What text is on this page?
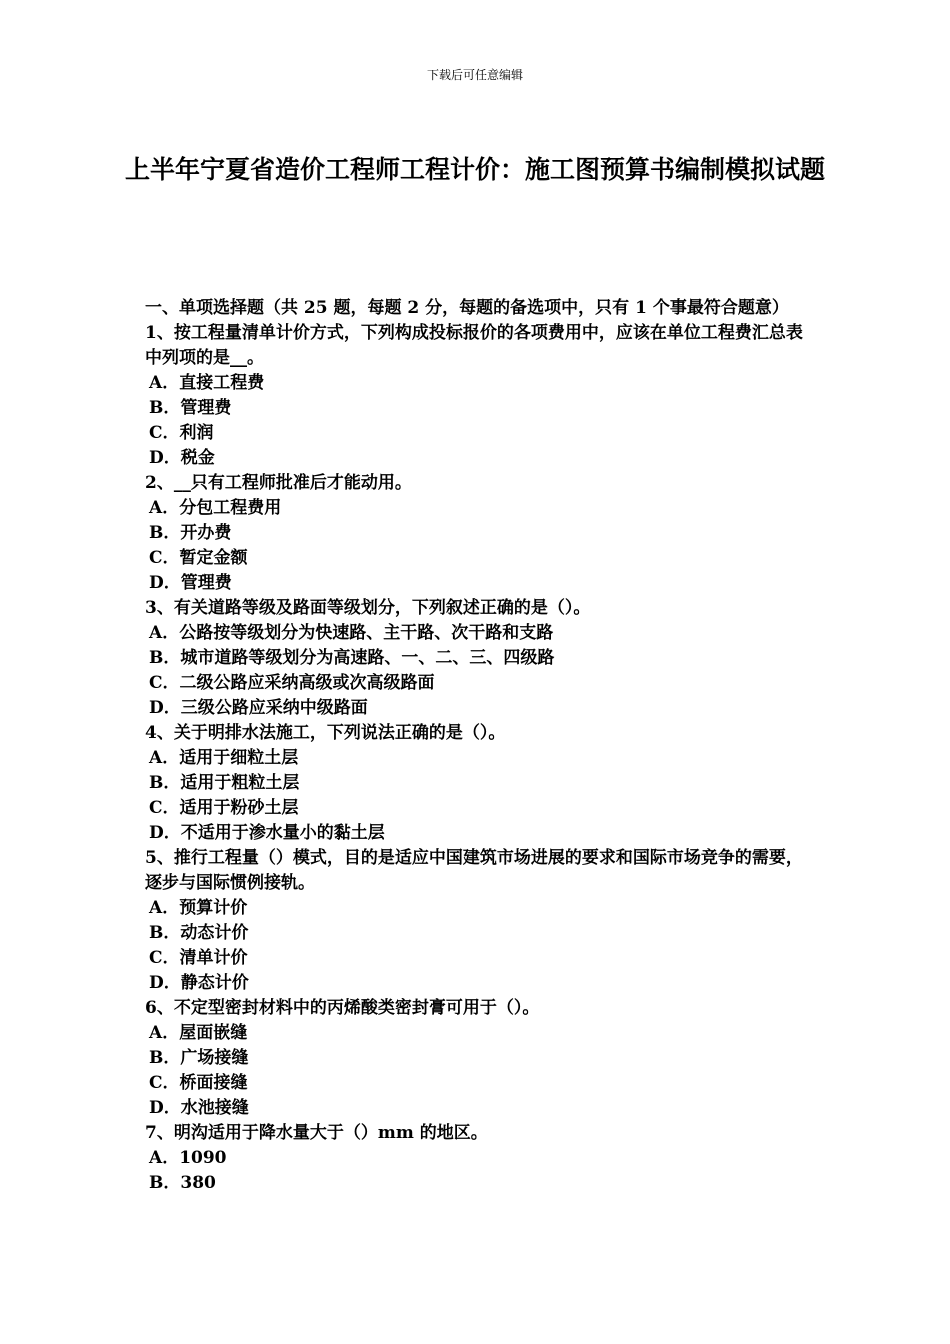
下载后可任意编辑
上半年宁夏省造价工程师工程计价：施工图预算书编制模拟试题
一、单项选择题（共 25 题，每题 2 分，每题的备选项中，只有 1 个事最符合题意）
1、按工程量清单计价方式，下列构成投标报价的各项费用中，应该在单位工程费汇总表中列项的是__。
A．直接工程费
B．管理费
C．利润
D．税金
2、__只有工程师批准后才能动用。
A．分包工程费用
B．开办费
C．暂定金额
D．管理费
3、有关道路等级及路面等级划分，下列叙述正确的是（）。
A．公路按等级划分为快速路、主干路、次干路和支路
B．城市道路等级划分为高速路、一、二、三、四级路
C．二级公路应采纳高级或次高级路面
D．三级公路应采纳中级路面
4、关于明排水法施工，下列说法正确的是（）。
A．适用于细粒土层
B．适用于粗粒土层
C．适用于粉砂土层
D．不适用于渗水量小的黏土层
5、推行工程量（）模式，目的是适应中国建筑市场进展的要求和国际市场竞争的需要，逐步与国际惯例接轨。
A．预算计价
B．动态计价
C．清单计价
D．静态计价
6、不定型密封材料中的丙烯酸类密封膏可用于（）。
A．屋面嵌缝
B．广场接缝
C．桥面接缝
D．水池接缝
7、明沟适用于降水量大于（）mm 的地区。
A．1090
B．380
